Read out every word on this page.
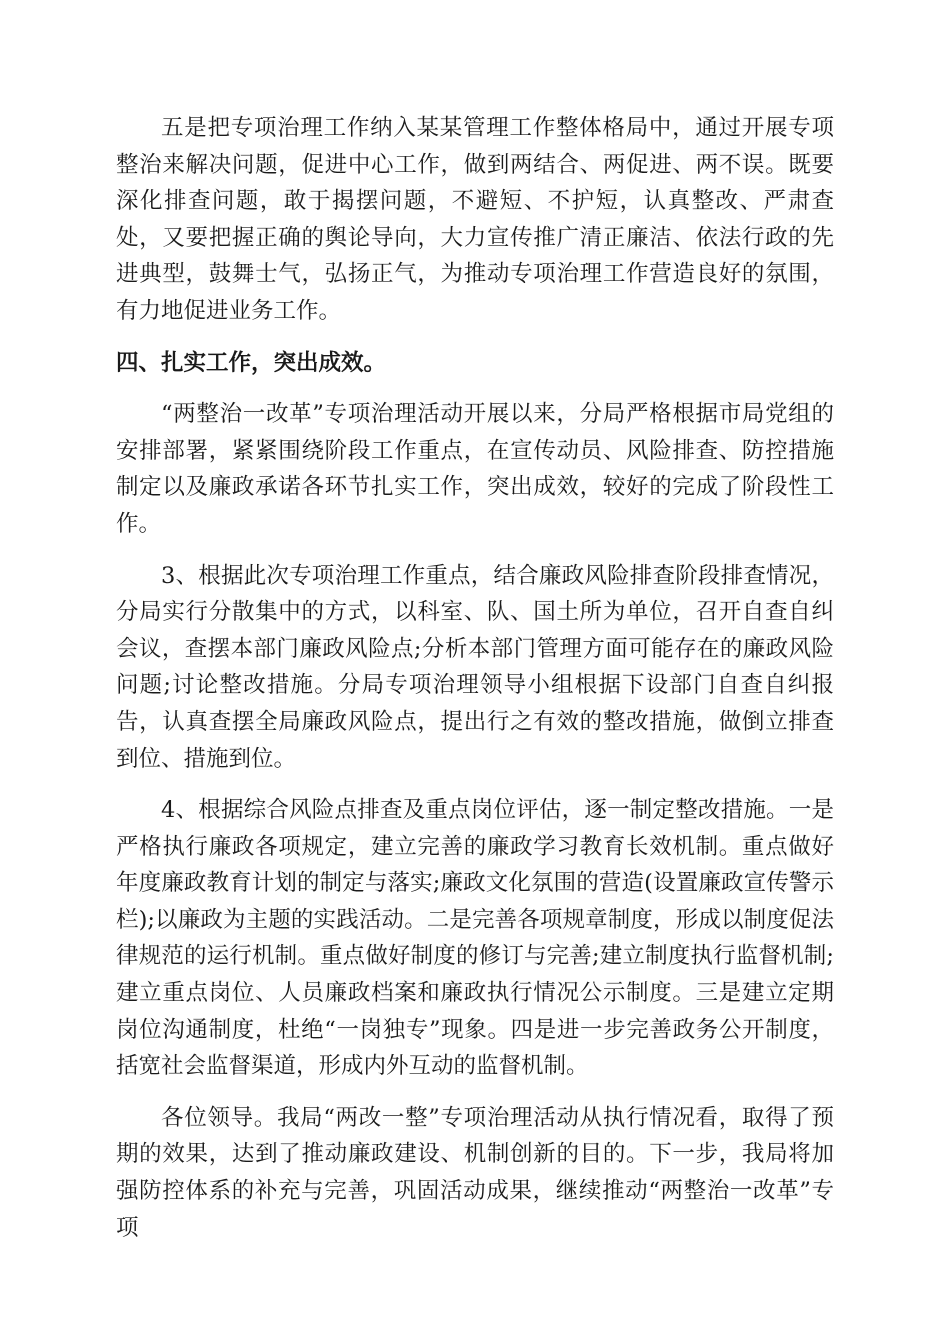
五是把专项治理工作纳入某某管理工作整体格局中，通过开展专项整治来解决问题，促进中心工作，做到两结合、两促进、两不误。既要深化排查问题，敢于揭摆问题，不避短、不护短，认真整改、严肃查处，又要把握正确的舆论导向，大力宣传推广清正廉洁、依法行政的先进典型，鼓舞士气，弘扬正气，为推动专项治理工作营造良好的氛围，有力地促进业务工作。

四、扎实工作，突出成效。

“两整治一改革”专项治理活动开展以来，分局严格根据市局党组的安排部署，紧紧围绕阶段工作重点，在宣传动员、风险排查、防控措施制定以及廉政承诺各环节扎实工作，突出成效，较好的完成了阶段性工作。

3、根据此次专项治理工作重点，结合廉政风险排查阶段排查情况，分局实行分散集中的方式，以科室、队、国土所为单位，召开自查自纠会议，查摆本部门廉政风险点;分析本部门管理方面可能存在的廉政风险问题;讨论整改措施。分局专项治理领导小组根据下设部门自查自纠报告，认真查摆全局廉政风险点，提出行之有效的整改措施，做倒立排查到位、措施到位。

4、根据综合风险点排查及重点岗位评估，逐一制定整改措施。一是严格执行廉政各项规定，建立完善的廉政学习教育长效机制。重点做好年度廉政教育计划的制定与落实;廉政文化氛围的营造(设置廉政宣传警示栏);以廉政为主题的实践活动。二是完善各项规章制度，形成以制度促法律规范的运行机制。重点做好制度的修订与完善;建立制度执行监督机制;建立重点岗位、人员廉政档案和廉政执行情况公示制度。三是建立定期岗位沟通制度，杜绝“一岗独专”现象。四是进一步完善政务公开制度，括宽社会监督渠道，形成内外互动的监督机制。

各位领导。我局“两改一整”专项治理活动从执行情况看，取得了预期的效果，达到了推动廉政建设、机制创新的目的。下一步，我局将加强防控体系的补充与完善，巩固活动成果，继续推动“两整治一改革”专项
